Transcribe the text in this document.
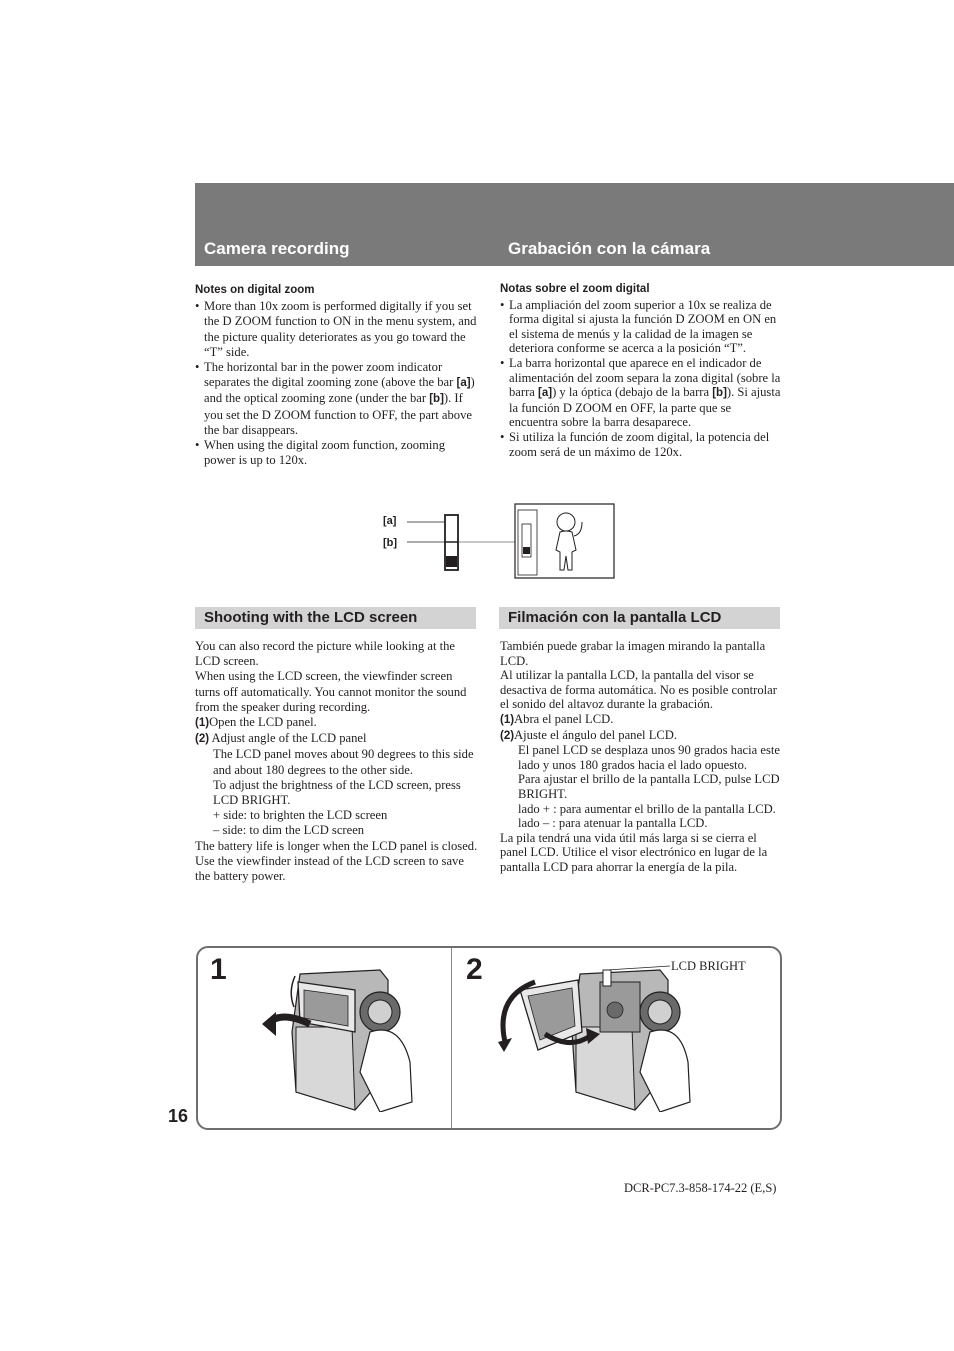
Camera recording	Grabación con la cámara
Notes on digital zoom
• More than 10x zoom is performed digitally if you set the D ZOOM function to ON in the menu system, and the picture quality deteriorates as you go toward the “T” side.
• The horizontal bar in the power zoom indicator separates the digital zooming zone (above the bar [a]) and the optical zooming zone (under the bar [b]). If you set the D ZOOM function to OFF, the part above the bar disappears.
• When using the digital zoom function, zooming power is up to 120x.
Notas sobre el zoom digital
• La ampliación del zoom superior a 10x se realiza de forma digital si ajusta la función D ZOOM en ON en el sistema de menús y la calidad de la imagen se deteriora conforme se acerca a la posición “T”.
• La barra horizontal que aparece en el indicador de alimentación del zoom separa la zona digital (sobre la barra [a]) y la óptica (debajo de la barra [b]). Si ajusta la función D ZOOM en OFF, la parte que se encuentra sobre la barra desaparece.
• Si utiliza la función de zoom digital, la potencia del zoom será de un máximo de 120x.
[a]
[b]
Shooting with the LCD screen	Filmación con la pantalla LCD

You can also record the picture while looking at the LCD screen.

When using the LCD screen, the viewfinder screen turns off automatically. You cannot monitor the sound from the speaker during recording.

(1)Open the LCD panel.

(2) Adjust angle of the LCD panel

The LCD panel moves about 90 degrees to this side and about 180 degrees to the other side.

To adjust the brightness of the LCD screen, press LCD BRIGHT.

+ side: to brighten the LCD screen

– side: to dim the LCD screen

The battery life is longer when the LCD panel is closed. Use the viewfinder instead of the LCD screen to save the battery power.

También puede grabar la imagen mirando la pantalla LCD.

Al utilizar la pantalla LCD, la pantalla del visor se desactiva de forma automática. No es posible controlar el sonido del altavoz durante la grabación.

(1)Abra el panel LCD.

(2)Ajuste el ángulo del panel LCD.

El panel LCD se desplaza unos 90 grados hacia este lado y unos 180 grados hacia el lado opuesto.

Para ajustar el brillo de la pantalla LCD, pulse LCD BRIGHT.

lado + : para aumentar el brillo de la pantalla LCD.

lado – : para atenuar la pantalla LCD.

La pila tendrá una vida útil más larga si se cierra el panel LCD. Utilice el visor electrónico en lugar de la pantalla LCD para ahorrar la energía de la pila.

1	2	LCD BRIGHT
16
DCR-PC7.3-858-174-22 (E,S)
